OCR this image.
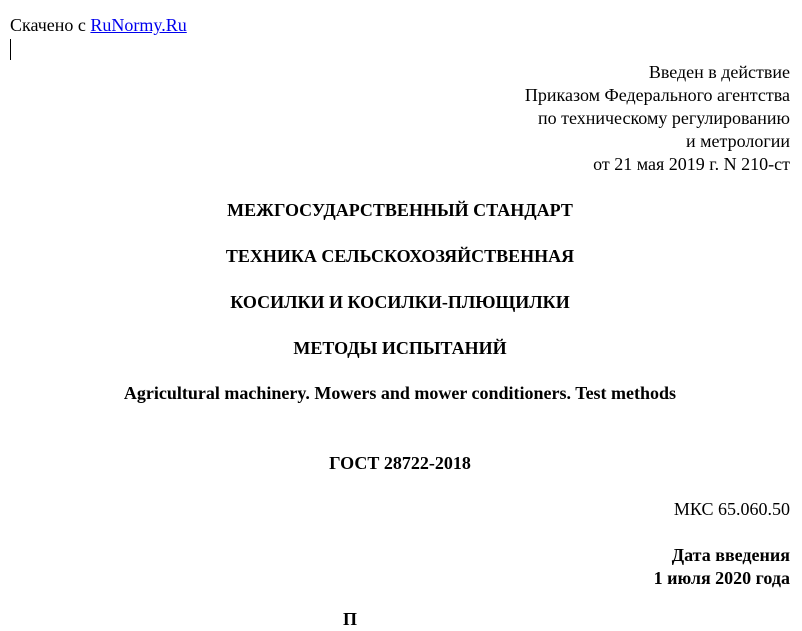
Скачено с RuNormy.Ru
Введен в действие
Приказом Федерального агентства
по техническому регулированию
и метрологии
от 21 мая 2019 г. N 210-ст
МЕЖГОСУДАРСТВЕННЫЙ СТАНДАРТ
ТЕХНИКА СЕЛЬСКОХОЗЯЙСТВЕННАЯ
КОСИЛКИ И КОСИЛКИ-ПЛЮЩИЛКИ
МЕТОДЫ ИСПЫТАНИЙ
Agricultural machinery. Mowers and mower conditioners. Test methods
ГОСТ 28722-2018
МКС 65.060.50
Дата введения
1 июля 2020 года
П
